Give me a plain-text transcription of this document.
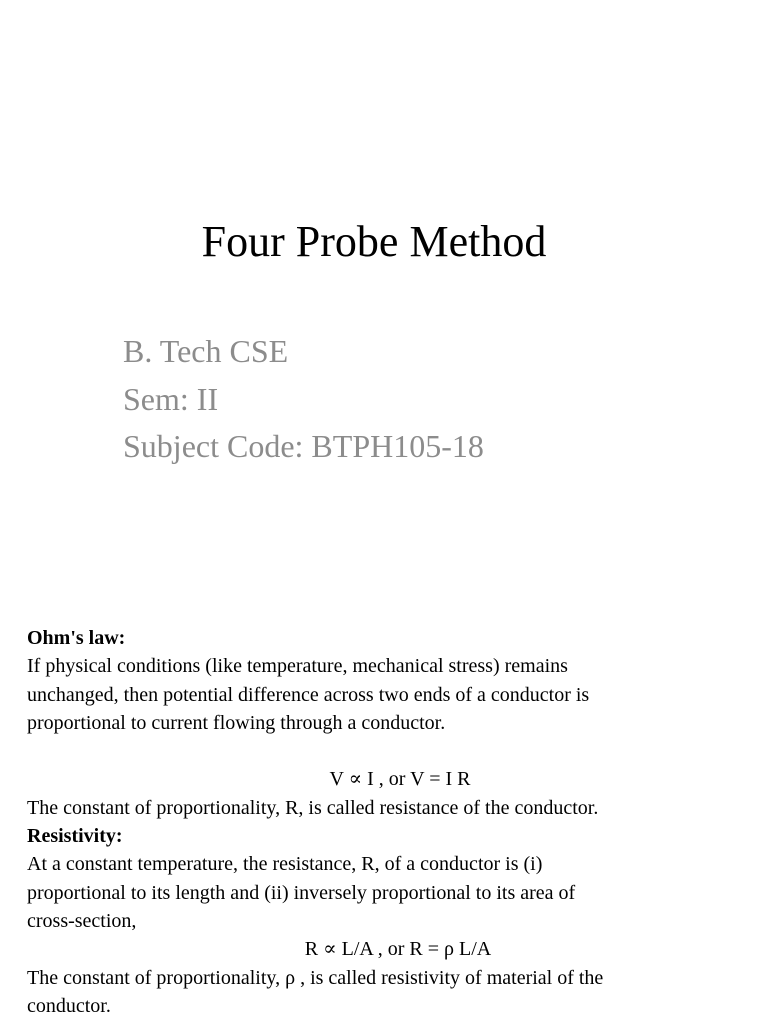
Four Probe Method
B. Tech CSE
Sem: II
Subject Code: BTPH105-18

Ohm's law:

If physical conditions (like temperature, mechanical stress) remains

unchanged, then potential difference across two ends of a conductor is

proportional to current flowing through a conductor.

V ∝ I , or V = I R

The constant of proportionality, R, is called resistance of the conductor.

Resistivity:

At a constant temperature, the resistance, R, of a conductor is (i)

proportional to its length and (ii) inversely proportional to its area of

cross-section,

R ∝ L/A , or R = ρ L/A

The constant of proportionality, ρ , is called resistivity of material of the

conductor.
